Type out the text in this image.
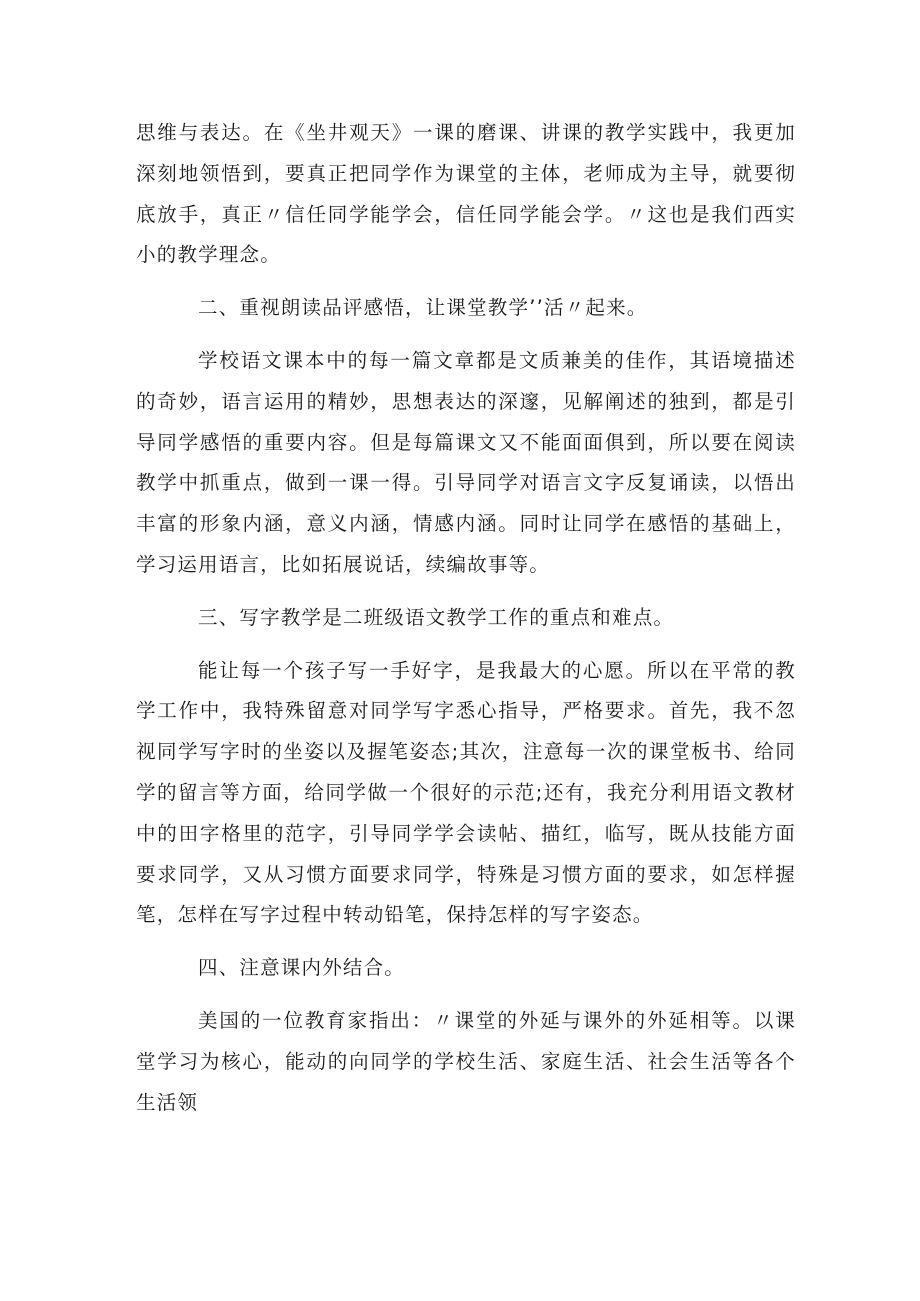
思维与表达。在《坐井观天》一课的磨课、讲课的教学实践中，我更加深刻地领悟到，要真正把同学作为课堂的主体，老师成为主导，就要彻底放手，真正〃信任同学能学会，信任同学能会学。〃这也是我们西实小的教学理念。

二、重视朗读品评感悟，让课堂教学’’活〃起来。

学校语文课本中的每一篇文章都是文质兼美的佳作，其语境描述的奇妙，语言运用的精妙，思想表达的深邃，见解阐述的独到，都是引导同学感悟的重要内容。但是每篇课文又不能面面俱到，所以要在阅读教学中抓重点，做到一课一得。引导同学对语言文字反复诵读，以悟出丰富的形象内涵，意义内涵，情感内涵。同时让同学在感悟的基础上，学习运用语言，比如拓展说话，续编故事等。

三、写字教学是二班级语文教学工作的重点和难点。

能让每一个孩子写一手好字，是我最大的心愿。所以在平常的教学工作中，我特殊留意对同学写字悉心指导，严格要求。首先，我不忽视同学写字时的坐姿以及握笔姿态;其次，注意每一次的课堂板书、给同学的留言等方面，给同学做一个很好的示范;还有，我充分利用语文教材中的田字格里的范字，引导同学学会读帖、描红，临写，既从技能方面要求同学，又从习惯方面要求同学，特殊是习惯方面的要求，如怎样握笔，怎样在写字过程中转动铅笔，保持怎样的写字姿态。

四、注意课内外结合。

美国的一位教育家指出：〃课堂的外延与课外的外延相等。以课堂学习为核心，能动的向同学的学校生活、家庭生活、社会生活等各个生活领
